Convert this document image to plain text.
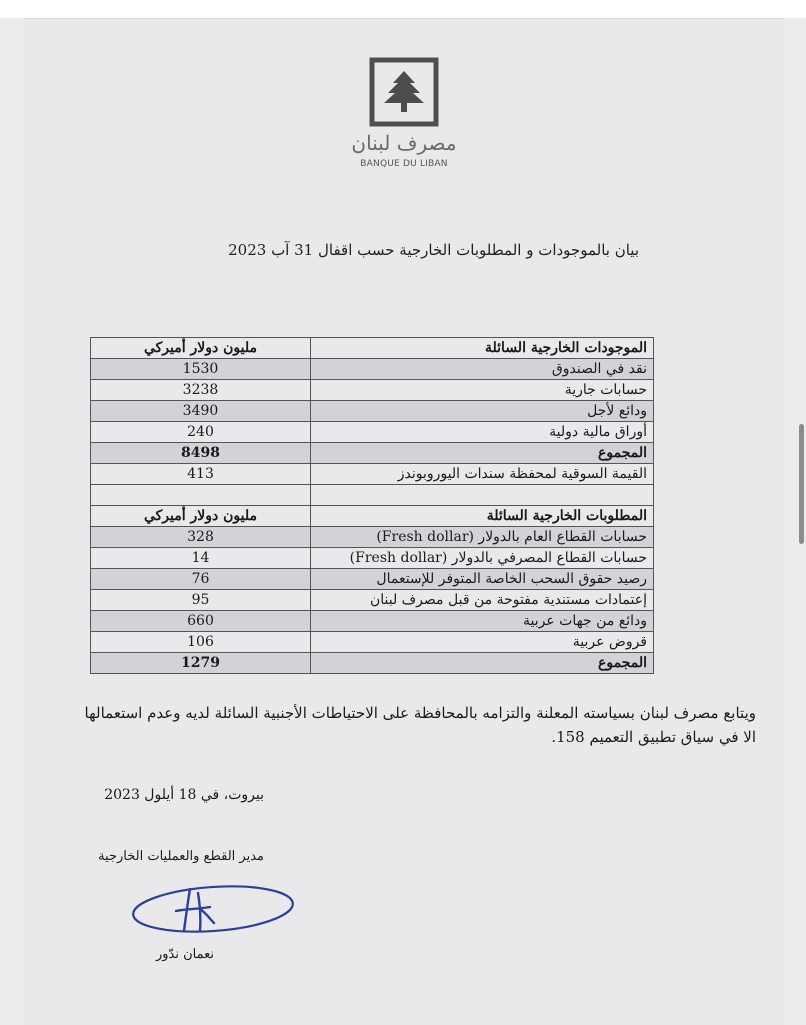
مصرف لبنان
BANQUE DU LIBAN
بيان بالموجودات و المطلوبات الخارجية حسب اقفال 31 آب 2023
الموجودات الخارجية السائلة	مليون دولار أميركي
نقد في الصندوق	1530
حسابات جارية	3238
ودائع لأجل	3490
أوراق مالية دولية	240
المجموع	8498
القيمة السوقية لمحفظة سندات اليوروبوندز	413

المطلوبات الخارجية السائلة	مليون دولار أميركي
حسابات القطاع العام بالدولار (Fresh dollar)	328
حسابات القطاع المصرفي بالدولار (Fresh dollar)	14
رصيد حقوق السحب الخاصة المتوفر للإستعمال	76
إعتمادات مستندية مفتوحة من قبل مصرف لبنان	95
ودائع من جهات عربية	660
قروض عربية	106
المجموع	1279
ويتابع مصرف لبنان بسياسته المعلنة والتزامه بالمحافظة على الاحتياطات الأجنبية السائلة لديه وعدم استعمالها الا في سياق تطبيق التعميم 158.
بيروت، في 18 أيلول 2023
مدير القطع والعمليات الخارجية
نعمان ندّور
